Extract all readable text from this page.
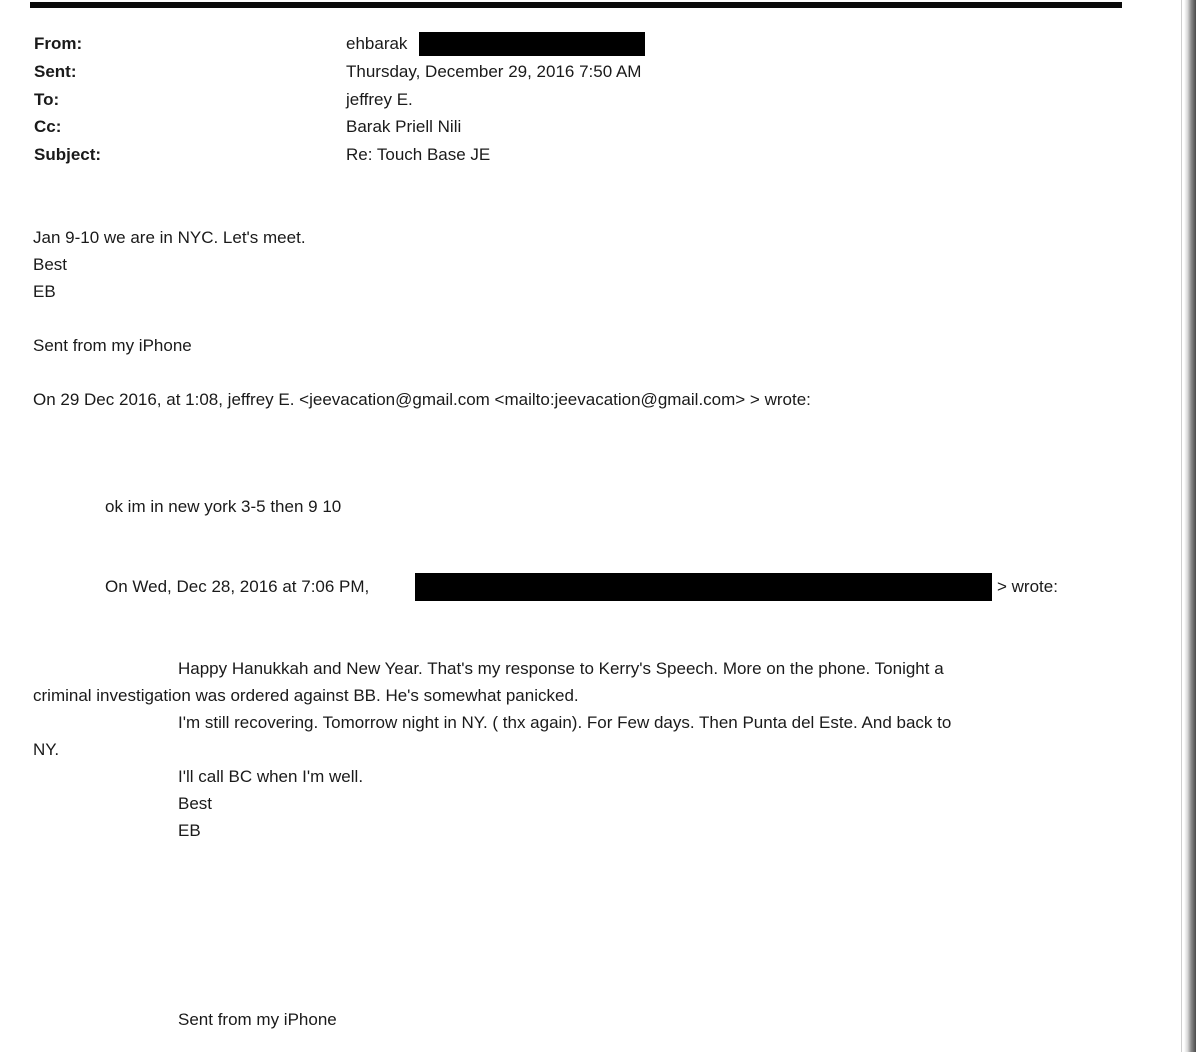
From:	ehbarak
Sent:	Thursday, December 29, 2016 7:50 AM
To:	jeffrey E.
Cc:	Barak Priell Nili
Subject:	Re: Touch Base JE
Jan 9-10 we are in NYC. Let's meet.
Best
EB
Sent from my iPhone
On 29 Dec 2016, at 1:08, jeffrey E. <jeevacation@gmail.com <mailto:jeevacation@gmail.com> > wrote:
ok im in new york 3-5 then 9 10
On Wed, Dec 28, 2016 at 7:06 PM,	> wrote:
Happy Hanukkah and New Year. That's my response to Kerry's Speech. More on the phone. Tonight a
criminal investigation was ordered against BB. He's somewhat panicked.
I'm still recovering. Tomorrow night in NY. ( thx again). For Few days. Then Punta del Este. And back to
NY.
I'll call BC when I'm well.
Best
EB
Sent from my iPhone
